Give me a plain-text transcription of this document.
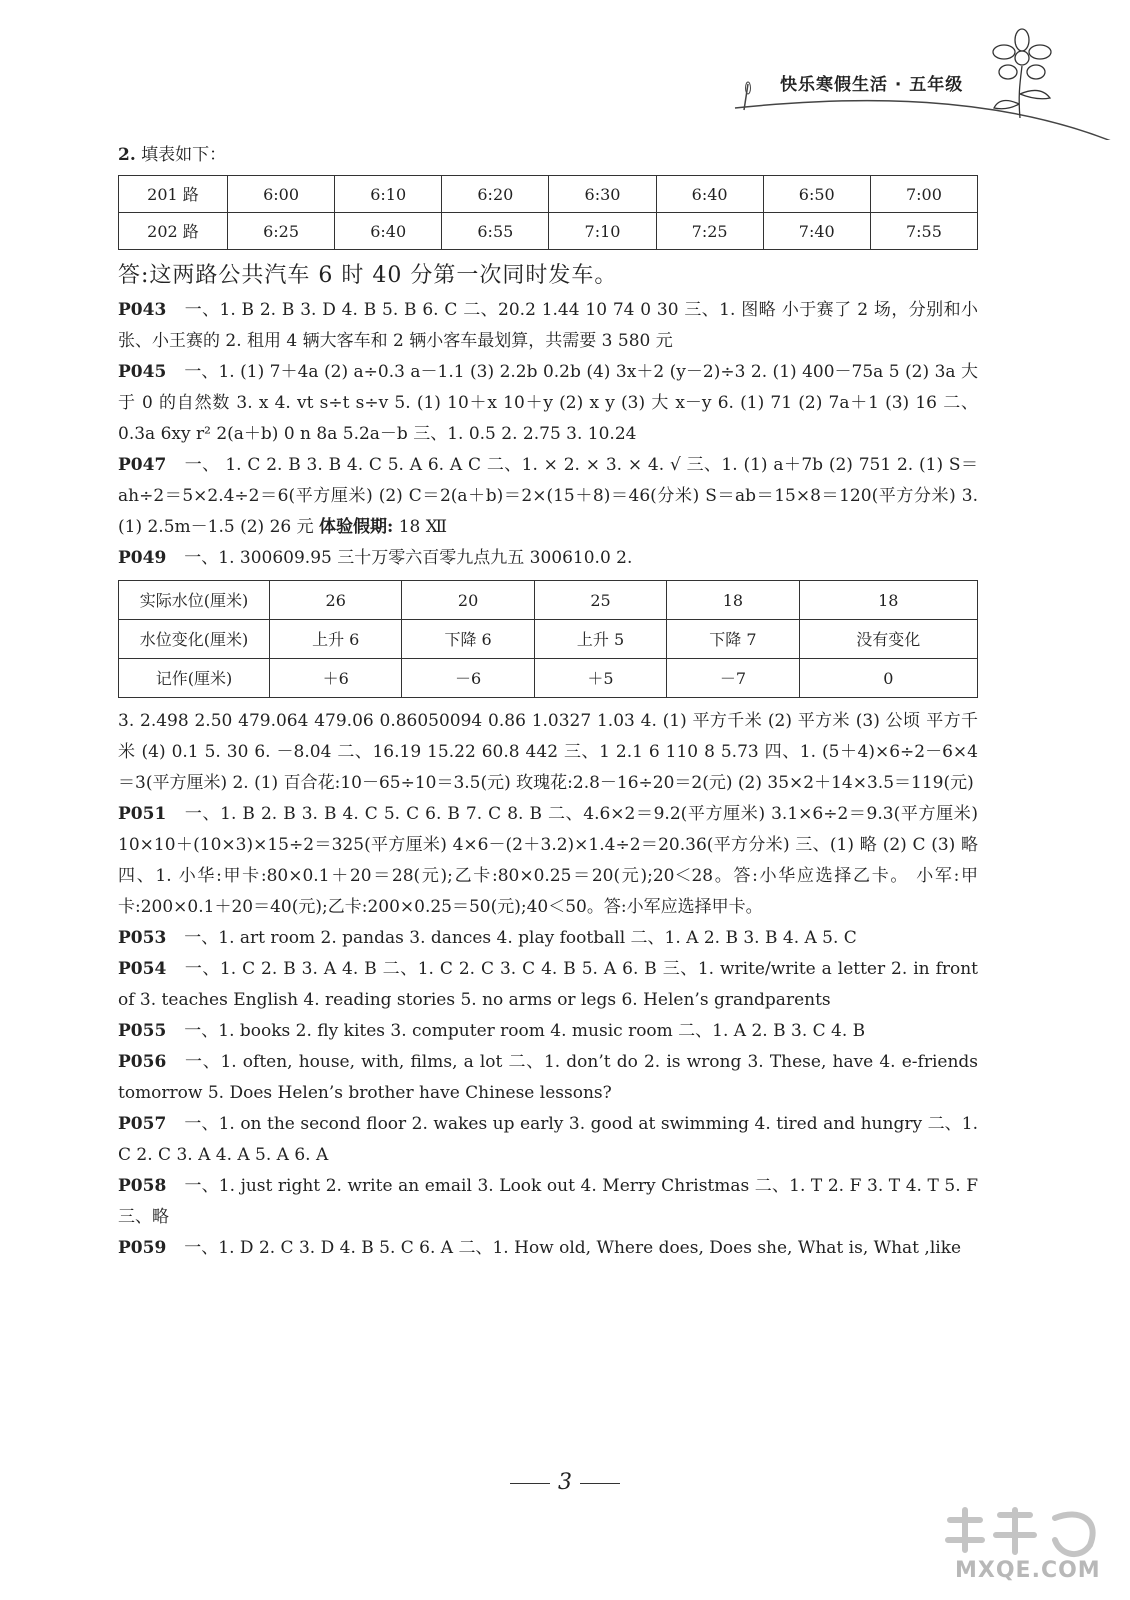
快乐寒假生活 · 五年级

2. 填表如下：

201 路	6:00	6:10	6:20	6:30	6:40	6:50	7:00
202 路	6:25	6:40	6:55	7:10	7:25	7:40	7:55

答:这两路公共汽车 6 时 40 分第一次同时发车。

P043 一、1. B 2. B 3. D 4. B 5. B 6. C 二、20.2 1.44 10 74 0 30 三、1. 图略 小于赛了 2 场，分别和小张、小王赛的 2. 租用 4 辆大客车和 2 辆小客车最划算，共需要 3 580 元

P045 一、1. (1) 7＋4a (2) a÷0.3 a－1.1 (3) 2.2b 0.2b (4) 3x＋2 (y－2)÷3 2. (1) 400－75a 5 (2) 3a 大于 0 的自然数 3. x 4. vt s÷t s÷v 5. (1) 10＋x 10＋y (2) x y (3) 大 x－y 6. (1) 71 (2) 7a＋1 (3) 16 二、0.3a 6xy r² 2(a＋b) 0 n 8a 5.2a－b 三、1. 0.5 2. 2.75 3. 10.24

P047 一、 1. C 2. B 3. B 4. C 5. A 6. A C 二、1. × 2. × 3. × 4. √ 三、1. (1) a＋7b (2) 751 2. (1) S＝ah÷2＝5×2.4÷2＝6(平方厘米) (2) C＝2(a＋b)＝2×(15＋8)＝46(分米) S＝ab＝15×8＝120(平方分米) 3. (1) 2.5m－1.5 (2) 26 元 体验假期: 18 Ⅻ

P049 一、1. 300609.95 三十万零六百零九点九五 300610.0 2.

实际水位(厘米)	26	20	25	18	18
水位变化(厘米)	上升 6	下降 6	上升 5	下降 7	没有变化
记作(厘米)	＋6	－6	＋5	－7	0

3. 2.498 2.50 479.064 479.06 0.86050094 0.86 1.0327 1.03 4. (1) 平方千米 (2) 平方米 (3) 公顷 平方千米 (4) 0.1 5. 30 6. －8.04 二、16.19 15.22 60.8 442 三、1 2.1 6 110 8 5.73 四、1. (5＋4)×6÷2－6×4＝3(平方厘米) 2. (1) 百合花:10－65÷10＝3.5(元) 玫瑰花:2.8－16÷20＝2(元) (2) 35×2＋14×3.5＝119(元)

P051 一、1. B 2. B 3. B 4. C 5. C 6. B 7. C 8. B 二、4.6×2＝9.2(平方厘米) 3.1×6÷2＝9.3(平方厘米) 10×10＋(10×3)×15÷2＝325(平方厘米) 4×6－(2＋3.2)×1.4÷2＝20.36(平方分米) 三、(1) 略 (2) C (3) 略 四、1. 小华:甲卡:80×0.1＋20＝28(元);乙卡:80×0.25＝20(元);20＜28。答:小华应选择乙卡。 小军:甲卡:200×0.1＋20＝40(元);乙卡:200×0.25＝50(元);40＜50。答:小军应选择甲卡。

P053 一、1. art room 2. pandas 3. dances 4. play football 二、1. A 2. B 3. B 4. A 5. C

P054 一、1. C 2. B 3. A 4. B 二、1. C 2. C 3. C 4. B 5. A 6. B 三、1. write/write a letter 2. in front of 3. teaches English 4. reading stories 5. no arms or legs 6. Helen’s grandparents

P055 一、1. books 2. fly kites 3. computer room 4. music room 二、1. A 2. B 3. C 4. B

P056 一、1. often, house, with, films, a lot 二、1. don’t do 2. is wrong 3. These, have 4. e-friends tomorrow 5. Does Helen’s brother have Chinese lessons?

P057 一、1. on the second floor 2. wakes up early 3. good at swimming 4. tired and hungry 二、1. C 2. C 3. A 4. A 5. A 6. A

P058 一、1. just right 2. write an email 3. Look out 4. Merry Christmas 二、1. T 2. F 3. T 4. T 5. F 三、略

P059 一、1. D 2. C 3. D 4. B 5. C 6. A 二、1. How old, Where does, Does she, What is, What ,like

3
MXQE.COM
